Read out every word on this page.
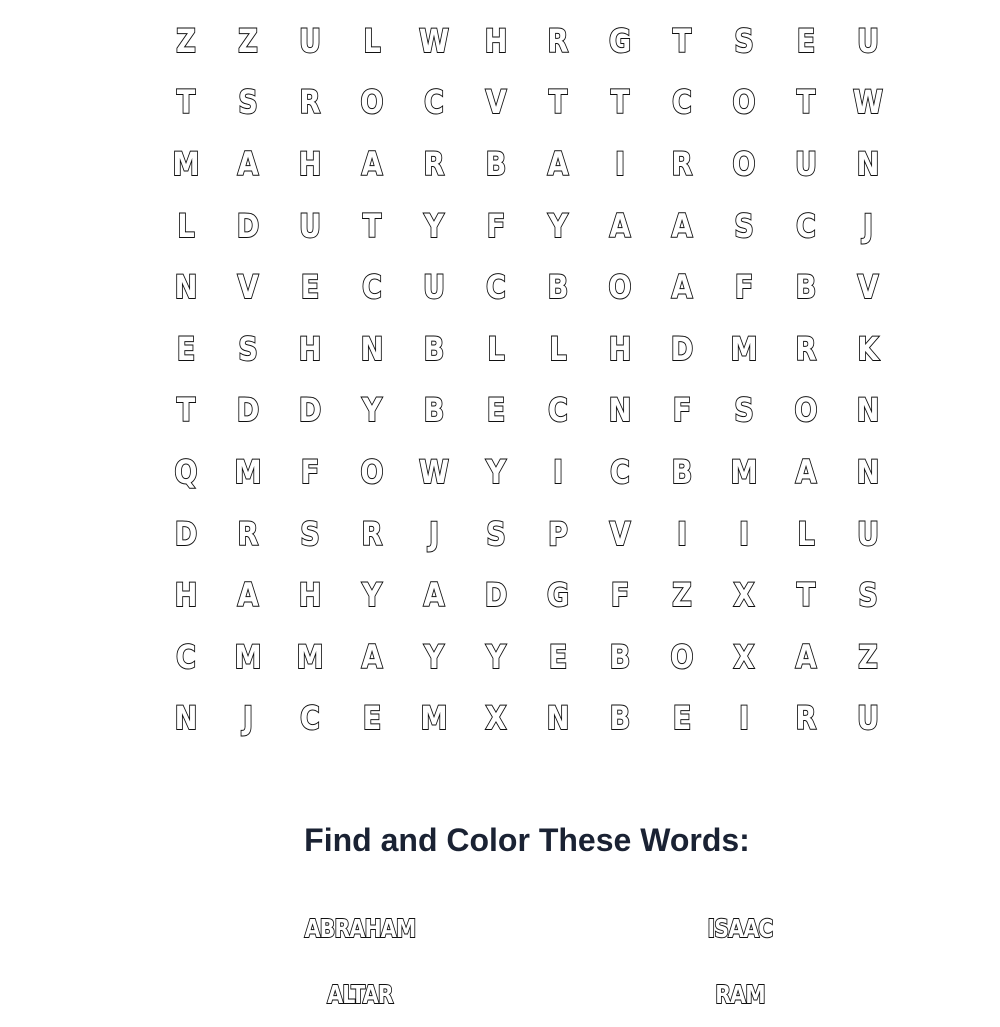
Z	Z	U	L	W	H	R	G	T	S	E	U
T	S	R	O	C	V	T	T	C	O	T	W
M	A	H	A	R	B	A	I	R	O	U	N
L	D	U	T	Y	F	Y	A	A	S	C	J
N	V	E	C	U	C	B	O	A	F	B	V
E	S	H	N	B	L	L	H	D	M	R	K
T	D	D	Y	B	E	C	N	F	S	O	N
Q	M	F	O	W	Y	I	C	B	M	A	N
D	R	S	R	J	S	P	V	I	I	L	U
H	A	H	Y	A	D	G	F	Z	X	T	S
C	M	M	A	Y	Y	E	B	O	X	A	Z
N	J	C	E	M	X	N	B	E	I	R	U
Find and Color These Words:
ABRAHAM	ISAAC
ALTAR	RAM
